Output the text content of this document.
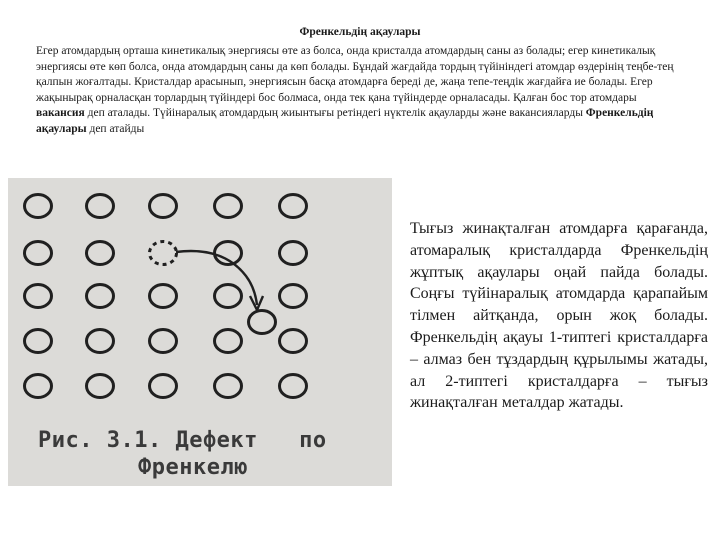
Френкельдің ақаулары
Егер атомдардың орташа кинетикалық энергиясы өте аз болса, онда кристалда атомдардың саны аз болады; егер кинетикалық энергиясы өте көп болса, онда атомдардың саны да көп болады. Бұндай жағдайда тордың түйініндегі атомдар өздерінің теңбе-тең қалпын жоғалтады. Кристалдар арасынып, энергиясын басқа атомдарға береді де, жаңа тепе-теңдік жағдайға ие болады. Егер жақынырақ орналасқан торлардың түйіндері бос болмаса, онда тек қана түйіндерде орналасады. Қалған бос тор атомдары
вакансия деп аталады. Түйінаралық атомдардың жиынтығы ретіндегі нүктелік ақауларды және вакансияларды Френкельдің ақаулары деп атайды
Рис. 3.1. Дефект   по
Френкелю
Тығыз жинақталған атомдарға қарағанда, атомаралық кристалдарда Френкельдің жұптық ақаулары оңай пайда болады. Соңғы түйінаралық атомдарда қарапайым тілмен айтқанда, орын жоқ болады. Френкельдің ақауы 1-типтегі кристалдарға – алмаз бен тұздардың құрылымы жатады, ал 2-типтегі кристалдарға – тығыз жинақталған металдар жатады.
